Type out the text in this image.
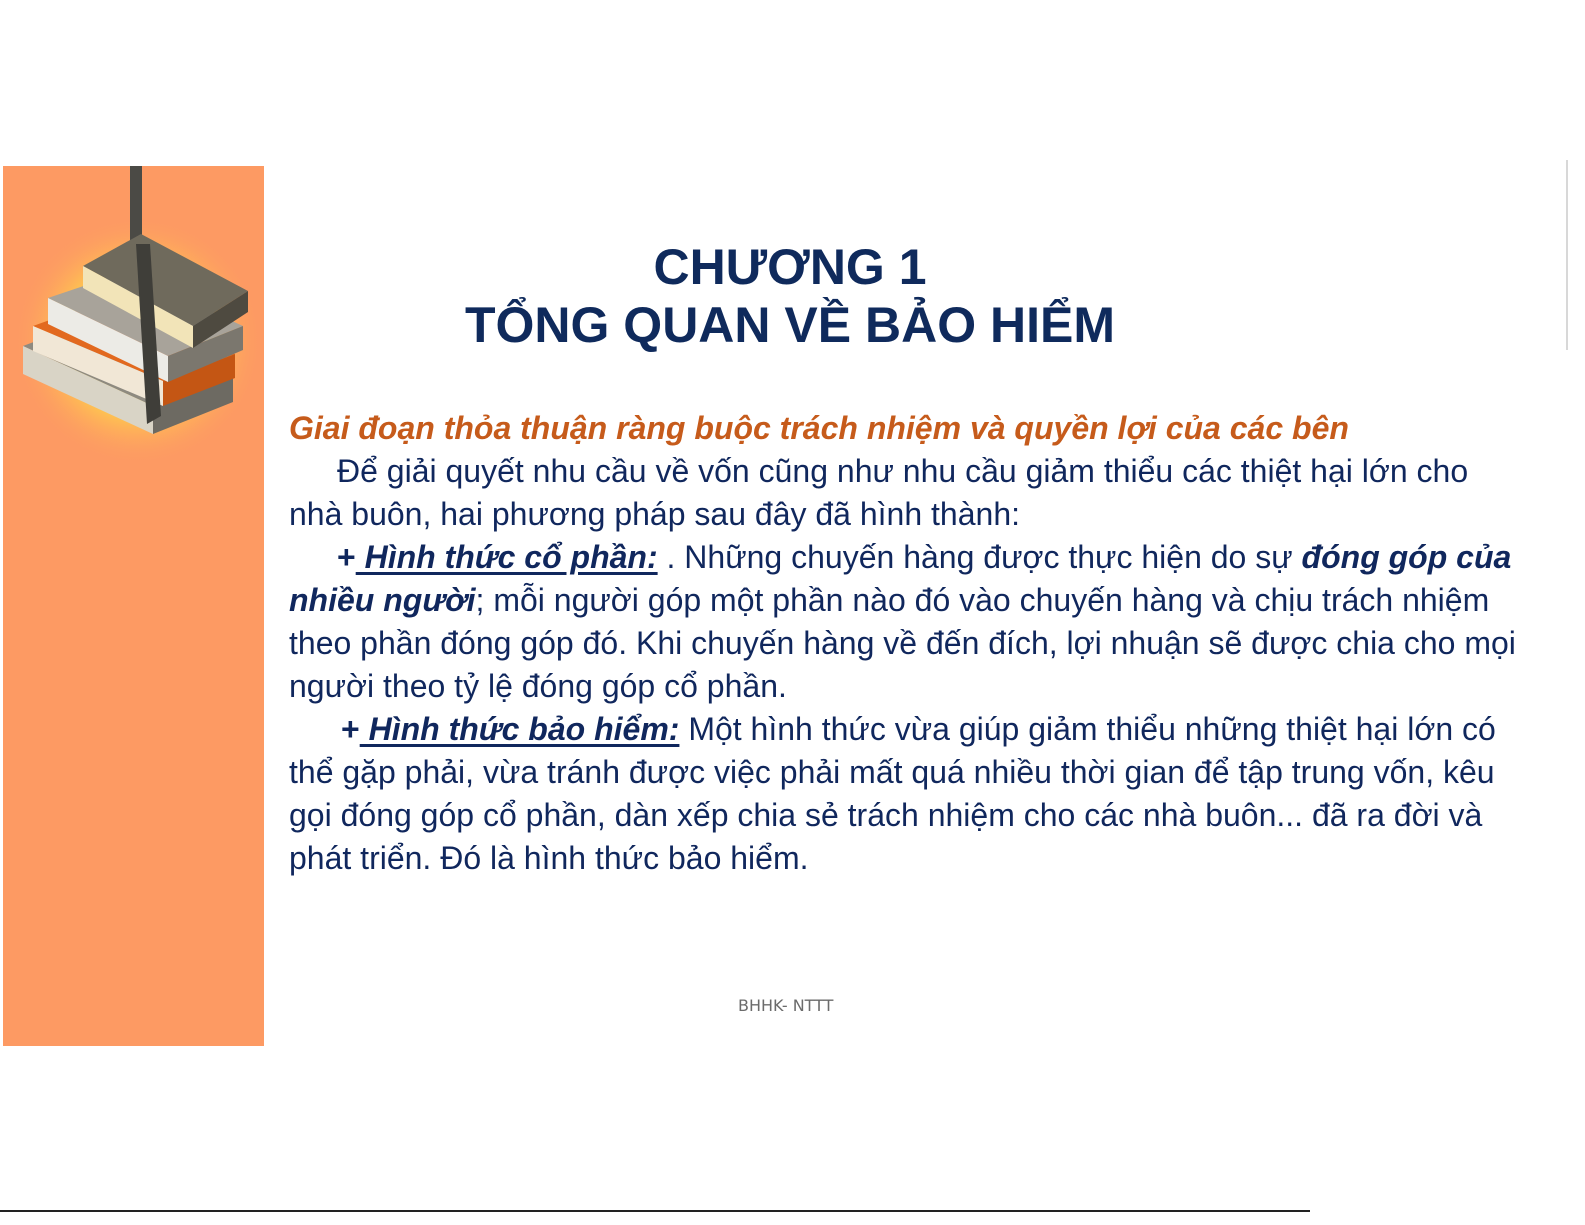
CHƯƠNG 1
TỔNG QUAN VỀ BẢO HIỂM
Giai đoạn thỏa thuận ràng buộc trách nhiệm và quyền lợi của các bên

Để giải quyết nhu cầu về vốn cũng như nhu cầu giảm thiểu các thiệt hại lớn cho nhà buôn, hai phương pháp sau đây đã hình thành:

+ Hình thức cổ phần: . Những chuyến hàng được thực hiện do sự đóng góp của nhiều người; mỗi người góp một phần nào đó vào chuyến hàng và chịu trách nhiệm theo phần đóng góp đó. Khi chuyến hàng về đến đích, lợi nhuận sẽ được chia cho mọi người theo tỷ lệ đóng góp cổ phần.

+ Hình thức bảo hiểm: Một hình thức vừa giúp giảm thiểu những thiệt hại lớn có thể gặp phải, vừa tránh được việc phải mất quá nhiều thời gian để tập trung vốn, kêu gọi đóng góp cổ phần, dàn xếp chia sẻ trách nhiệm cho các nhà buôn... đã ra đời và phát triển. Đó là hình thức bảo hiểm.

BHHK- NTTT
